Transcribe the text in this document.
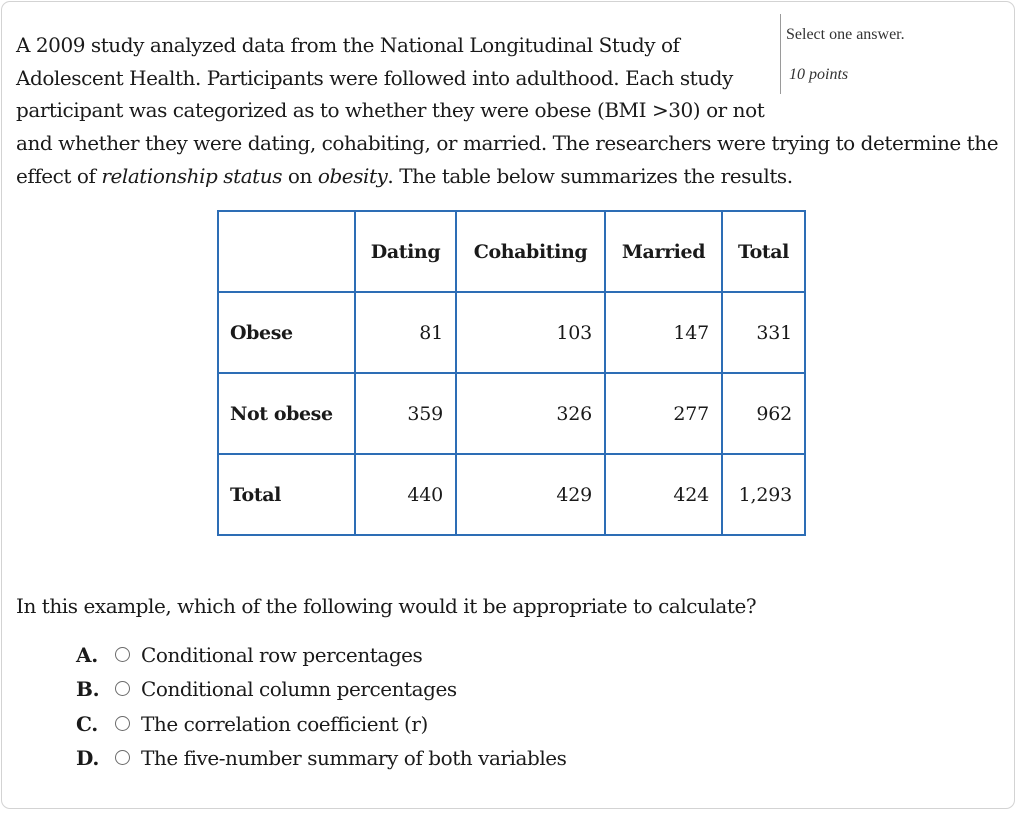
Select one answer.
10 points
A 2009 study analyzed data from the National Longitudinal Study of
Adolescent Health. Participants were followed into adulthood. Each study
participant was categorized as to whether they were obese (BMI >30) or not
and whether they were dating, cohabiting, or married. The researchers were trying to determine the
effect of relationship status on obesity. The table below summarizes the results.
	Dating	Cohabiting	Married	Total
Obese	81	103	147	331
Not obese	359	326	277	962
Total	440	429	424	1,293
In this example, which of the following would it be appropriate to calculate?
A. Conditional row percentages
B. Conditional column percentages
C. The correlation coefficient (r)
D. The five-number summary of both variables
